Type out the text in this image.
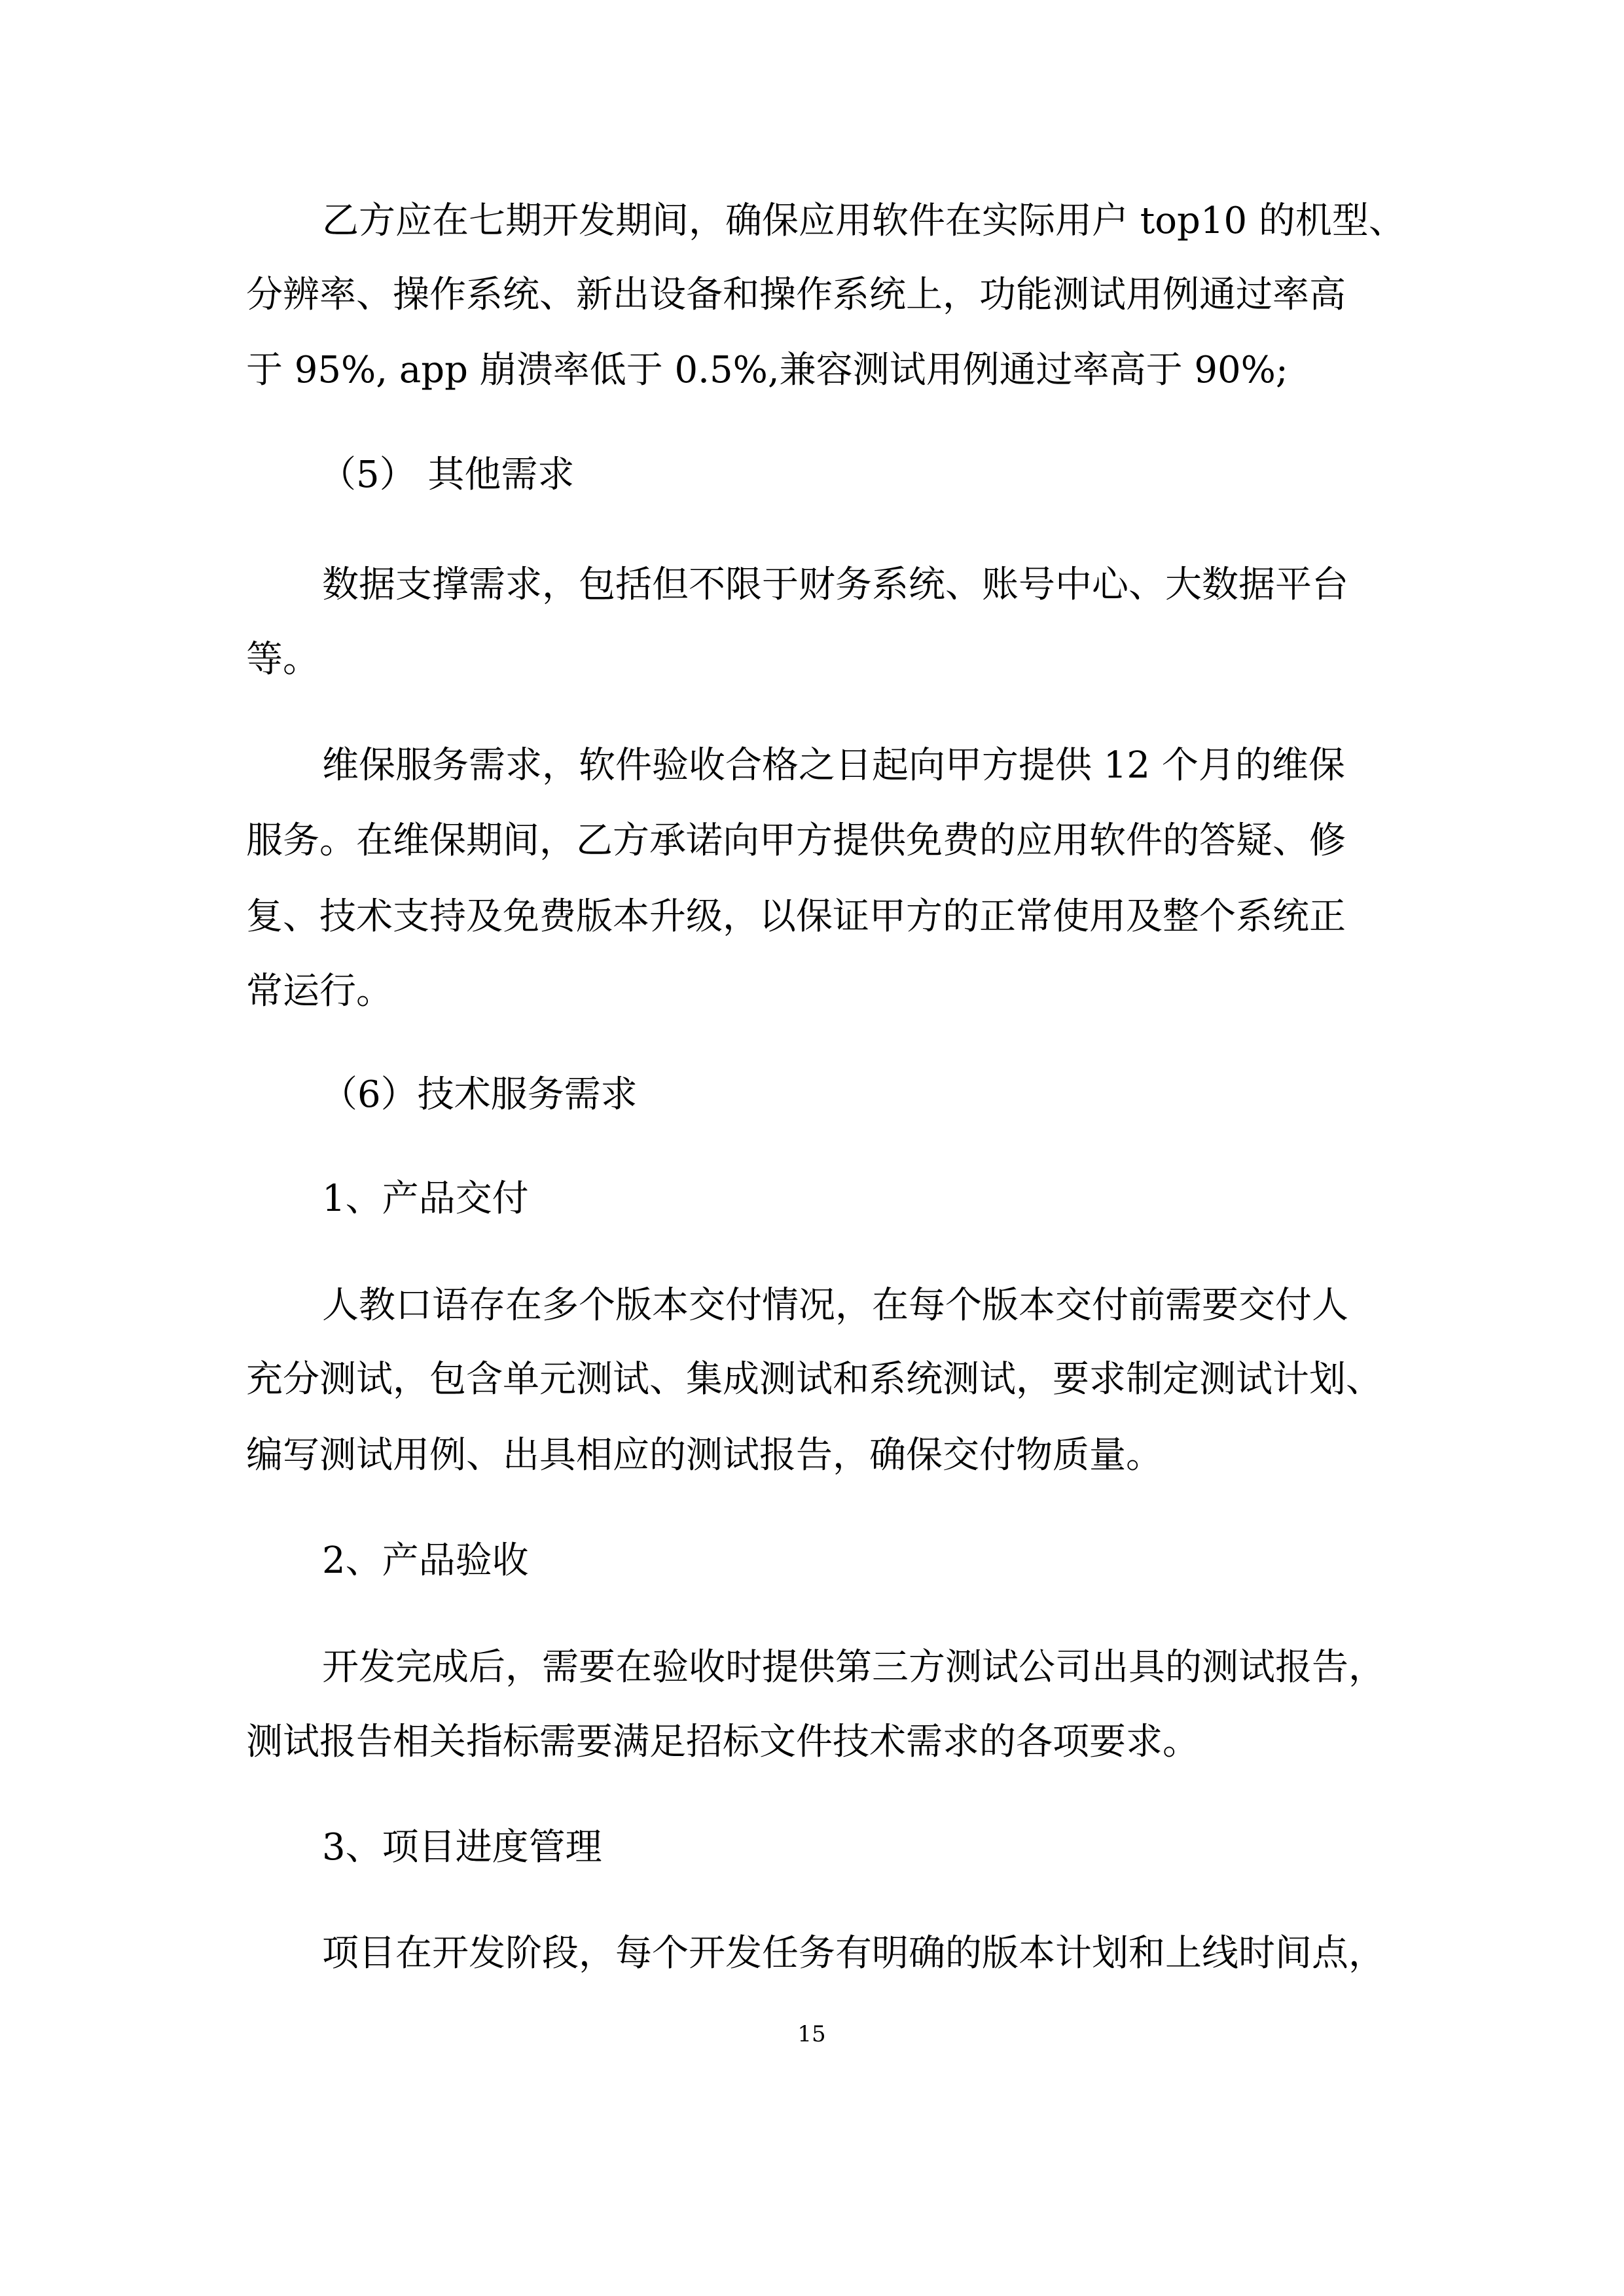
乙方应在七期开发期间，确保应用软件在实际用户 top10 的机型、

分辨率、操作系统、新出设备和操作系统上，功能测试用例通过率高

于 95%, app 崩溃率低于 0.5%,兼容测试用例通过率高于 90%;

（5） 其他需求

数据支撑需求，包括但不限于财务系统、账号中心、大数据平台

等。

维保服务需求，软件验收合格之日起向甲方提供 12 个月的维保

服务。在维保期间，乙方承诺向甲方提供免费的应用软件的答疑、修

复、技术支持及免费版本升级，以保证甲方的正常使用及整个系统正

常运行。

（6）技术服务需求

1、产品交付

人教口语存在多个版本交付情况，在每个版本交付前需要交付人

充分测试，包含单元测试、集成测试和系统测试，要求制定测试计划、

编写测试用例、出具相应的测试报告，确保交付物质量。

2、产品验收

开发完成后，需要在验收时提供第三方测试公司出具的测试报告，

测试报告相关指标需要满足招标文件技术需求的各项要求。

3、项目进度管理

项目在开发阶段，每个开发任务有明确的版本计划和上线时间点，

15
